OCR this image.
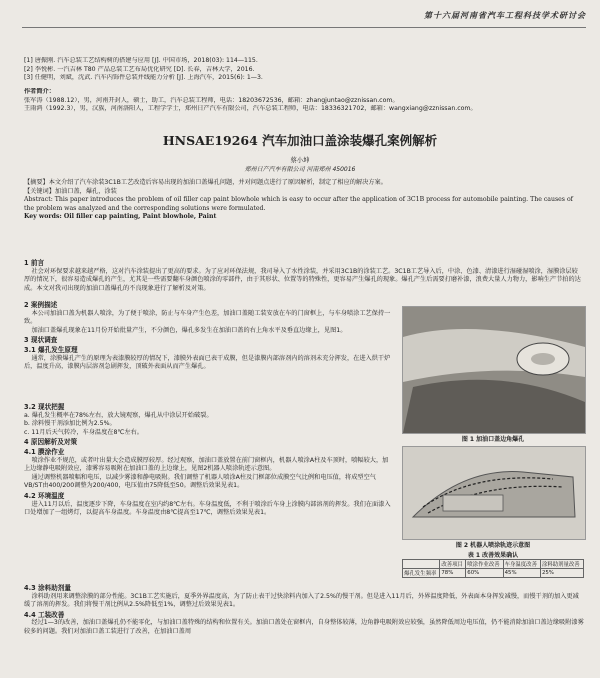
第十六届河南省汽车工程科技学术研讨会
[1] 唐振刚. 汽车总装工艺结构树的搭建与应用 [J]. 中国市场，2018(03): 114—115.
[2] 李悦彬. 一汽吉林 T80 产品总装工艺布局优化研究 [D]. 长春，吉林大学，2016.
[3] 任健明，刘斌，沈武. 汽车内饰件总装并线能力分析 [J]. 上海汽车，2015(6): 1—3.
作者简介：
张军涛（1988.12），男，河南开封人，硕士，助工，汽车总装工程师，电话：18203672536，邮箱：zhangjuntao@zznissan.com。
王雨鸿（1992.3），男，汉族，河南洛阳人，工程学学士，郑州日产汽车有限公司，汽车总装工程师，电话：18336321702，邮箱：wangxiang@zznissan.com。
HNSAE19264 汽车加油口盖涂装爆孔案例解析
蔡小坤
郑州日产汽车有限公司 河南郑州 450016
【摘要】本文介绍了汽车涂装3C1B工艺改造后容易出现的加油口盖爆孔问题，并对问题点进行了原因解析，制定了相应的解决方案。
【关键词】加油口盖，爆孔，涂装
Abstract: This paper introduces the problem of oil filler cap paint blowhole which is easy to occur after the application of 3C1B process for automobile painting. The causes of the problem was analyzed and the corresponding solutions were formulated.
Key words: Oil filler cap painting, Paint blowhole, Paint
1 前言
社会对环保要求越来越严格，这对汽车涂装提出了更高的要求。为了应对环保法规，我司导入了水性涂装，并采用3C1B的涂装工艺。3C1B工艺导入后，中涂、色漆、清漆进行湿碰湿喷涂，湿膜涂层较厚的情况下，很容易造成爆孔的产生，尤其是一些需要翻车身颜色喷涂的零部件，由于其形状、位置等的特殊性，更容易产生爆孔的现象。爆孔产生后需要打磨补漆，浪费大量人力物力，影响生产节拍的达成。本文对我司出现的加油口盖爆孔的不良现象进行了解析及对策。
2 案例描述
本公司加油口盖为机器人喷涂，为了便于喷涂，防止与车身产生色差，加油口盖随工装安放在车的门窗框上，与车身喷涂工艺保持一致。
加油口盖爆孔现象在11月份开始批量产生，不分颜色，爆孔多发生在加油口盖的右上角水平及垂直边缘上，见图1。
3 现状调查
3.1 爆孔发生原理
通常，涂膜爆孔产生的原理为表漆膜较厚的情况下，漆膜外表面已表干成膜，但是漆膜内部溶剂内的溶剂未充分挥发，在进入烘干炉后，温度升高，漆膜内层溶剂急剧挥发，顶破外表面从而产生爆孔。
3.2 现状把握
a. 爆孔发生概率在78%左右，放大镜观察，爆孔从中涂层开始破裂。
b. 涂料慢干剂添加比例为2.5%。
c. 11月后天气转冷，车身温度在8℃左右。
4 原因解析及对策
4.1 膜涂作业
喷涂作业不规范，或者叶出量大会造成膜厚较厚。经过观察，加油口盖放置在前门窗框内，机器人喷涂A柱及车顶时，喷幅较大，加上边缘静电吸附效应，漆雾容易吸附在加油口盖的上边缘上，见图2机器人喷涂轨迹示意图。
通过调整机器喷幅和电压，以减少雾漆和静电吸附。我们调整了机器人喷涂A柱及门框部位成膜空气比例和电压值，将成型空气VB/ST由400/200调整为200/400，电压值由75降低至50。调整后效果见表1。
4.2 环境温度
进入11月以后，温度逐步下降，车身温度在室内约8℃左右。车身温度低，不利于喷涂后车身上涂膜内部溶剂的挥发。我们在面漆入口处增加了一组烤灯，以提高车身温度。车身温度由8℃提高至17℃，调整后效果见表1。
4.3 涂料助剂量
涂料助剂用来调整涂膜的部分性能。3C1B工艺实施后，夏季外界温度高，为了防止表干过快涂料内加入了2.5%的慢干剂。但是进入11月后，外界温度降低，外表面本身挥发减慢，而慢干剂的加入更减缓了溶剂的挥发。我们将慢干剂比例从2.5%降低至1%，调整过后效果见表1。
4.4 工装改善
经过1—3的改善，加油口盖爆孔仍不能零化，与加油口盖特殊的结构和位置有关。加油口盖处在窗框内，自身整体较薄，边角静电吸附效应较强，虽然降低周边电压值，仍不能消除加油口盖边缘吸附漆雾较多的问题。我们对加油口盖工装进行了改善，在加油口盖周
图 1 加油口盖边角爆孔
图 2 机器人喷涂轨迹示意图
表 1 改善效果确认
	改善项目	喷涂作业改善	车身温度改善	涂料助剂量改善
爆孔发生频率	78%	60%	45%	25%
